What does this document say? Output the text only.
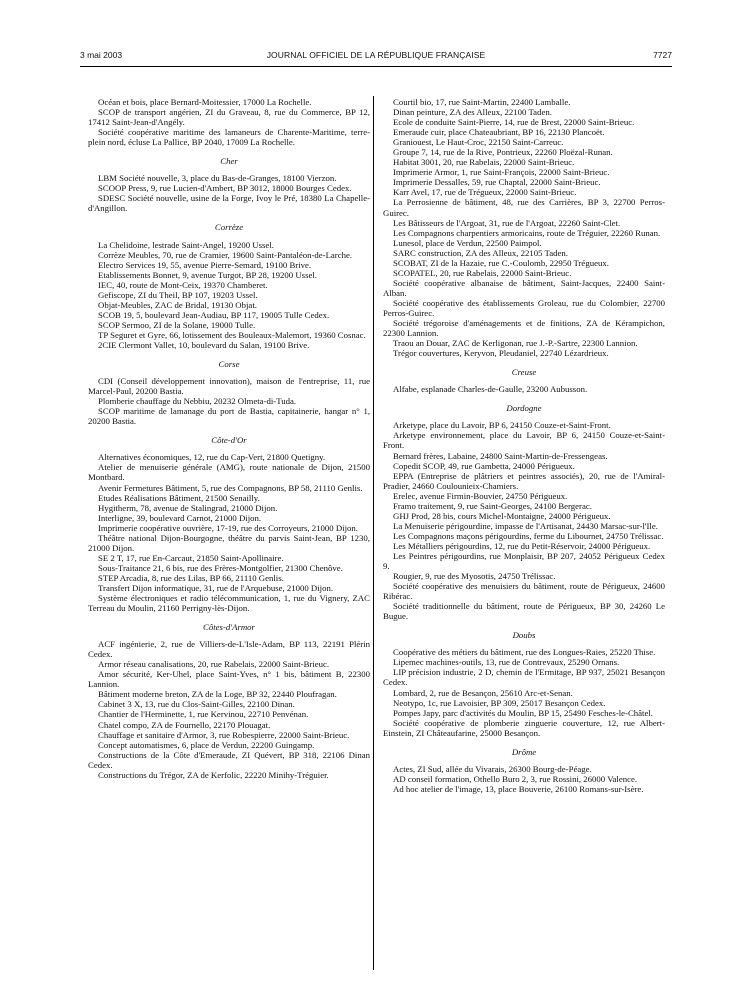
3 mai 2003	JOURNAL OFFICIEL DE LA RÉPUBLIQUE FRANÇAISE	7727
Océan et bois, place Bernard-Moitessier, 17000 La Rochelle.
SCOP de transport angérien, ZI du Graveau, 8, rue du Commerce, BP 12, 17412 Saint-Jean-d'Angély.
Société coopérative maritime des lamaneurs de Charente-Maritime, terre-plein nord, écluse La Pallice, BP 2040, 17009 La Rochelle.
Cher
LBM Société nouvelle, 3, place du Bas-de-Granges, 18100 Vierzon.
SCOOP Press, 9, rue Lucien-d'Ambert, BP 3012, 18000 Bourges Cedex.
SDESC Société nouvelle, usine de la Forge, Ivoy le Pré, 18380 La Chapelle-d'Angillon.
Corrèze
La Chelidoine, lestrade Saint-Angel, 19200 Ussel.
Corrèze Meubles, 70, rue de Cramier, 19600 Saint-Pantaléon-de-Larche.
Electro Services 19, 55, avenue Pierre-Semard, 19100 Brive.
Etablissements Bonnet, 9, avenue Turgot, BP 28, 19200 Ussel.
IEC, 40, route de Mont-Ceix, 19370 Chamberet.
Gefiscope, ZI du Theil, BP 107, 19203 Ussel.
Objat-Meubles, ZAC de Bridal, 19130 Objat.
SCOB 19, 5, boulevard Jean-Audiau, BP 117, 19005 Tulle Cedex.
SCOP Sermoo, ZI de la Solane, 19000 Tulle.
TP Seguret et Gyre, 66, lotissement des Bouleaux-Malemort, 19360 Cosnac.
2CIE Clermont Vallet, 10, boulevard du Salan, 19100 Brive.
Corse
CDI (Conseil développement innovation), maison de l'entreprise, 11, rue Marcel-Paul, 20200 Bastia.
Plomberie chauffage du Nebbiu, 20232 Olmeta-di-Tuda.
SCOP maritime de lamanage du port de Bastia, capitainerie, hangar n° 1, 20200 Bastia.
Côte-d'Or
Alternatives économiques, 12, rue du Cap-Vert, 21800 Quetigny.
Atelier de menuiserie générale (AMG), route nationale de Dijon, 21500 Montbard.
Avenir Fermetures Bâtiment, 5, rue des Compagnons, BP 58, 21110 Genlis.
Etudes Réalisations Bâtiment, 21500 Senailly.
Hygitherm, 78, avenue de Stalingrad, 21000 Dijon.
Interligne, 39, boulevard Carnot, 21000 Dijon.
Imprimerie coopérative ouvrière, 17-19, rue des Corroyeurs, 21000 Dijon.
Théâtre national Dijon-Bourgogne, théâtre du parvis Saint-Jean, BP 1230, 21000 Dijon.
SE 2 T, 17, rue En-Carcaut, 21850 Saint-Apollinaire.
Sous-Traitance 21, 6 bis, rue des Frères-Montgolfier, 21300 Chenôve.
STEP Arcadia, 8, rue des Lilas, BP 66, 21110 Genlis.
Transfert Dijon informatique, 31, rue de l'Arquebuse, 21000 Dijon.
Système électroniques et radio télécommunication, 1, rue du Vignery, ZAC Terreau du Moulin, 21160 Perrigny-lès-Dijon.
Côtes-d'Armor
ACF ingénierie, 2, rue de Villiers-de-L'Isle-Adam, BP 113, 22191 Plérin Cedex.
Armor réseau canalisations, 20, rue Rabelais, 22000 Saint-Brieuc.
Amor sécurité, Ker-Uhel, place Saint-Yves, n° 1 bis, bâtiment B, 22300 Lannion.
Bâtiment moderne breton, ZA de la Loge, BP 32, 22440 Ploufragan.
Cabinet 3 X, 13, rue du Clos-Saint-Gilles, 22100 Dinan.
Chantier de l'Herminette, 1, rue Kervinou, 22710 Penvénan.
Chatel compo, ZA de Fournello, 22170 Plouagat.
Chauffage et sanitaire d'Armor, 3, rue Robespierre, 22000 Saint-Brieuc.
Concept automatismes, 6, place de Verdun, 22200 Guingamp.
Constructions de la Côte d'Emeraude, ZI Quévert, BP 318, 22106 Dinan Cedex.
Constructions du Trégor, ZA de Kerfolic, 22220 Minihy-Tréguier.
Courtil bio, 17, rue Saint-Martin, 22400 Lamballe.
Dinan peinture, ZA des Alleux, 22100 Taden.
Ecole de conduite Saint-Pierre, 14, rue de Brest, 22000 Saint-Brieuc.
Emeraude cuir, place Chateaubriant, BP 16, 22130 Plancoët.
Graniouest, Le Haut-Croc, 22150 Saint-Carreuc.
Groupe 7, 14, rue de la Rive, Pontrieux, 22260 Ploëzal-Runan.
Habitat 3001, 20, rue Rabelais, 22000 Saint-Brieuc.
Imprimerie Armor, 1, rue Saint-François, 22000 Saint-Brieuc.
Imprimerie Dessalles, 59, rue Chaptal, 22000 Saint-Brieuc.
Karr Avel, 17, rue de Trégueux, 22000 Saint-Brieuc.
La Perrosienne de bâtiment, 48, rue des Carrières, BP 3, 22700 Perros-Guirec.
Les Bâtisseurs de l'Argoat, 31, rue de l'Argoat, 22260 Saint-Clet.
Les Compagnons charpentiers armoricains, route de Tréguier, 22260 Runan.
Lunesol, place de Verdun, 22500 Paimpol.
SARC construction, ZA des Alleux, 22105 Taden.
SCOBAT, ZI de la Hazaie, rue C.-Coulomb, 22950 Trégueux.
SCOPATEL, 20, rue Rabelais, 22000 Saint-Brieuc.
Société coopérative albanaise de bâtiment, Saint-Jacques, 22400 Saint-Alban.
Société coopérative des établissements Groleau, rue du Colombier, 22700 Perros-Guirec.
Société trégoroise d'aménagements et de finitions, ZA de Kérampichon, 22300 Lannion.
Traou an Douar, ZAC de Kerligonan, rue J.-P.-Sartre, 22300 Lannion.
Trégor couvertures, Keryvon, Pleudaniel, 22740 Lézardrieux.
Creuse
Alfabe, esplanade Charles-de-Gaulle, 23200 Aubusson.
Dordogne
Arketype, place du Lavoir, BP 6, 24150 Couze-et-Saint-Front.
Arketype environnement, place du Lavoir, BP 6, 24150 Couze-et-Saint-Front.
Bernard frères, Labaine, 24800 Saint-Martin-de-Fressengeas.
Copedit SCOP, 49, rue Gambetta, 24000 Périgueux.
EPPA (Entreprise de plâtriers et peintres associés), 20, rue de l'Amiral-Pradier, 24660 Coulounieix-Chamiers.
Erelec, avenue Firmin-Bouvier, 24750 Périgueux.
Framo traitement, 9, rue Saint-Georges, 24100 Bergerac.
GHJ Prod, 28 bis, cours Michel-Montaigne, 24000 Périgueux.
La Menuiserie périgourdine, impasse de l'Artisanat, 24430 Marsac-sur-l'Ile.
Les Compagnons maçons périgourdins, ferme du Libournet, 24750 Trélissac.
Les Métalliers périgourdins, 12, rue du Petit-Réservoir, 24000 Périgueux.
Les Peintres périgourdins, rue Monplaisir, BP 207, 24052 Périgueux Cedex 9.
Rougier, 9, rue des Myosotis, 24750 Trélissac.
Société coopérative des menuisiers du bâtiment, route de Périgueux, 24600 Ribérac.
Société traditionnelle du bâtiment, route de Périgueux, BP 30, 24260 Le Bugue.
Doubs
Coopérative des métiers du bâtiment, rue des Longues-Raies, 25220 Thise.
Lipemec machines-outils, 13, rue de Contrevaux, 25290 Ornans.
LIP précision industrie, 2 D, chemin de l'Ermitage, BP 937, 25021 Besançon Cedex.
Lombard, 2, rue de Besançon, 25610 Arc-et-Senan.
Neotypo, 1c, rue Lavoisier, BP 309, 25017 Besançon Cedex.
Pompes Japy, parc d'activités du Moulin, BP 15, 25490 Fesches-le-Châtel.
Société coopérative de plomberie zinguerie couverture, 12, rue Albert-Einstein, ZI Châteaufarine, 25000 Besançon.
Drôme
Actes, ZI Sud, allée du Vivarais, 26300 Bourg-de-Péage.
AD conseil formation, Othello Buro 2, 3, rue Rossini, 26000 Valence.
Ad hoc atelier de l'image, 13, place Bouverie, 26100 Romans-sur-Isère.
